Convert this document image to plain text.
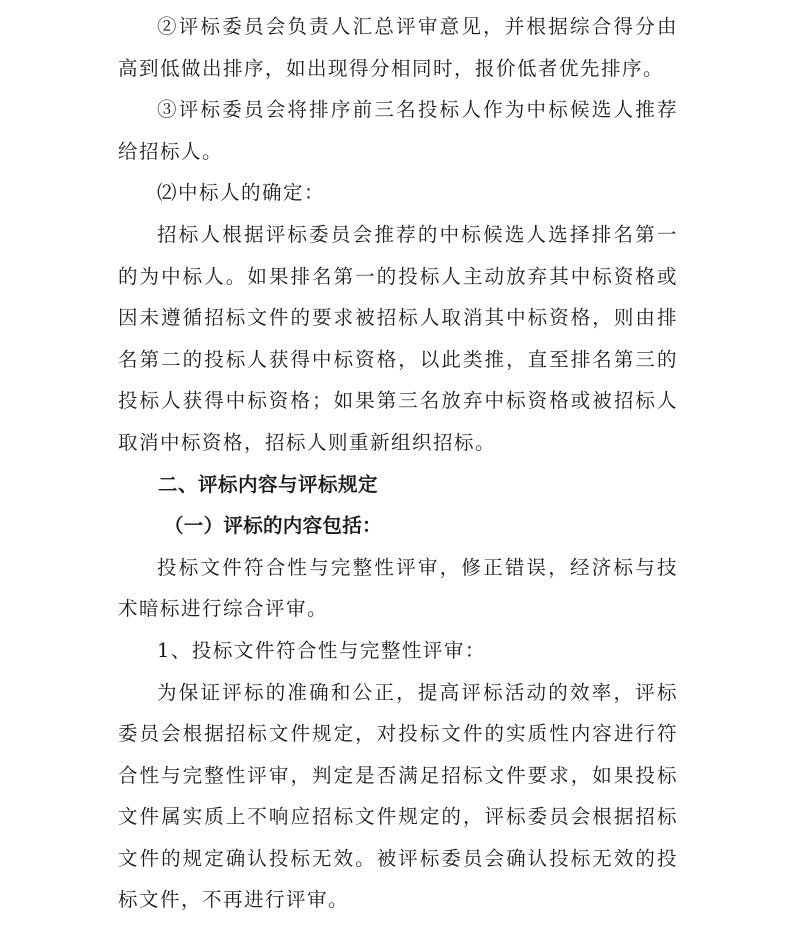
②评标委员会负责人汇总评审意见，并根据综合得分由高到低做出排序，如出现得分相同时，报价低者优先排序。

③评标委员会将排序前三名投标人作为中标候选人推荐给招标人。

⑵中标人的确定：

招标人根据评标委员会推荐的中标候选人选择排名第一的为中标人。如果排名第一的投标人主动放弃其中标资格或因未遵循招标文件的要求被招标人取消其中标资格，则由排名第二的投标人获得中标资格，以此类推，直至排名第三的投标人获得中标资格；如果第三名放弃中标资格或被招标人取消中标资格，招标人则重新组织招标。

二、评标内容与评标规定

（一）评标的内容包括：

投标文件符合性与完整性评审，修正错误，经济标与技术暗标进行综合评审。

1、投标文件符合性与完整性评审：

为保证评标的准确和公正，提高评标活动的效率，评标委员会根据招标文件规定，对投标文件的实质性内容进行符合性与完整性评审，判定是否满足招标文件要求，如果投标文件属实质上不响应招标文件规定的，评标委员会根据招标文件的规定确认投标无效。被评标委员会确认投标无效的投标文件，不再进行评审。
